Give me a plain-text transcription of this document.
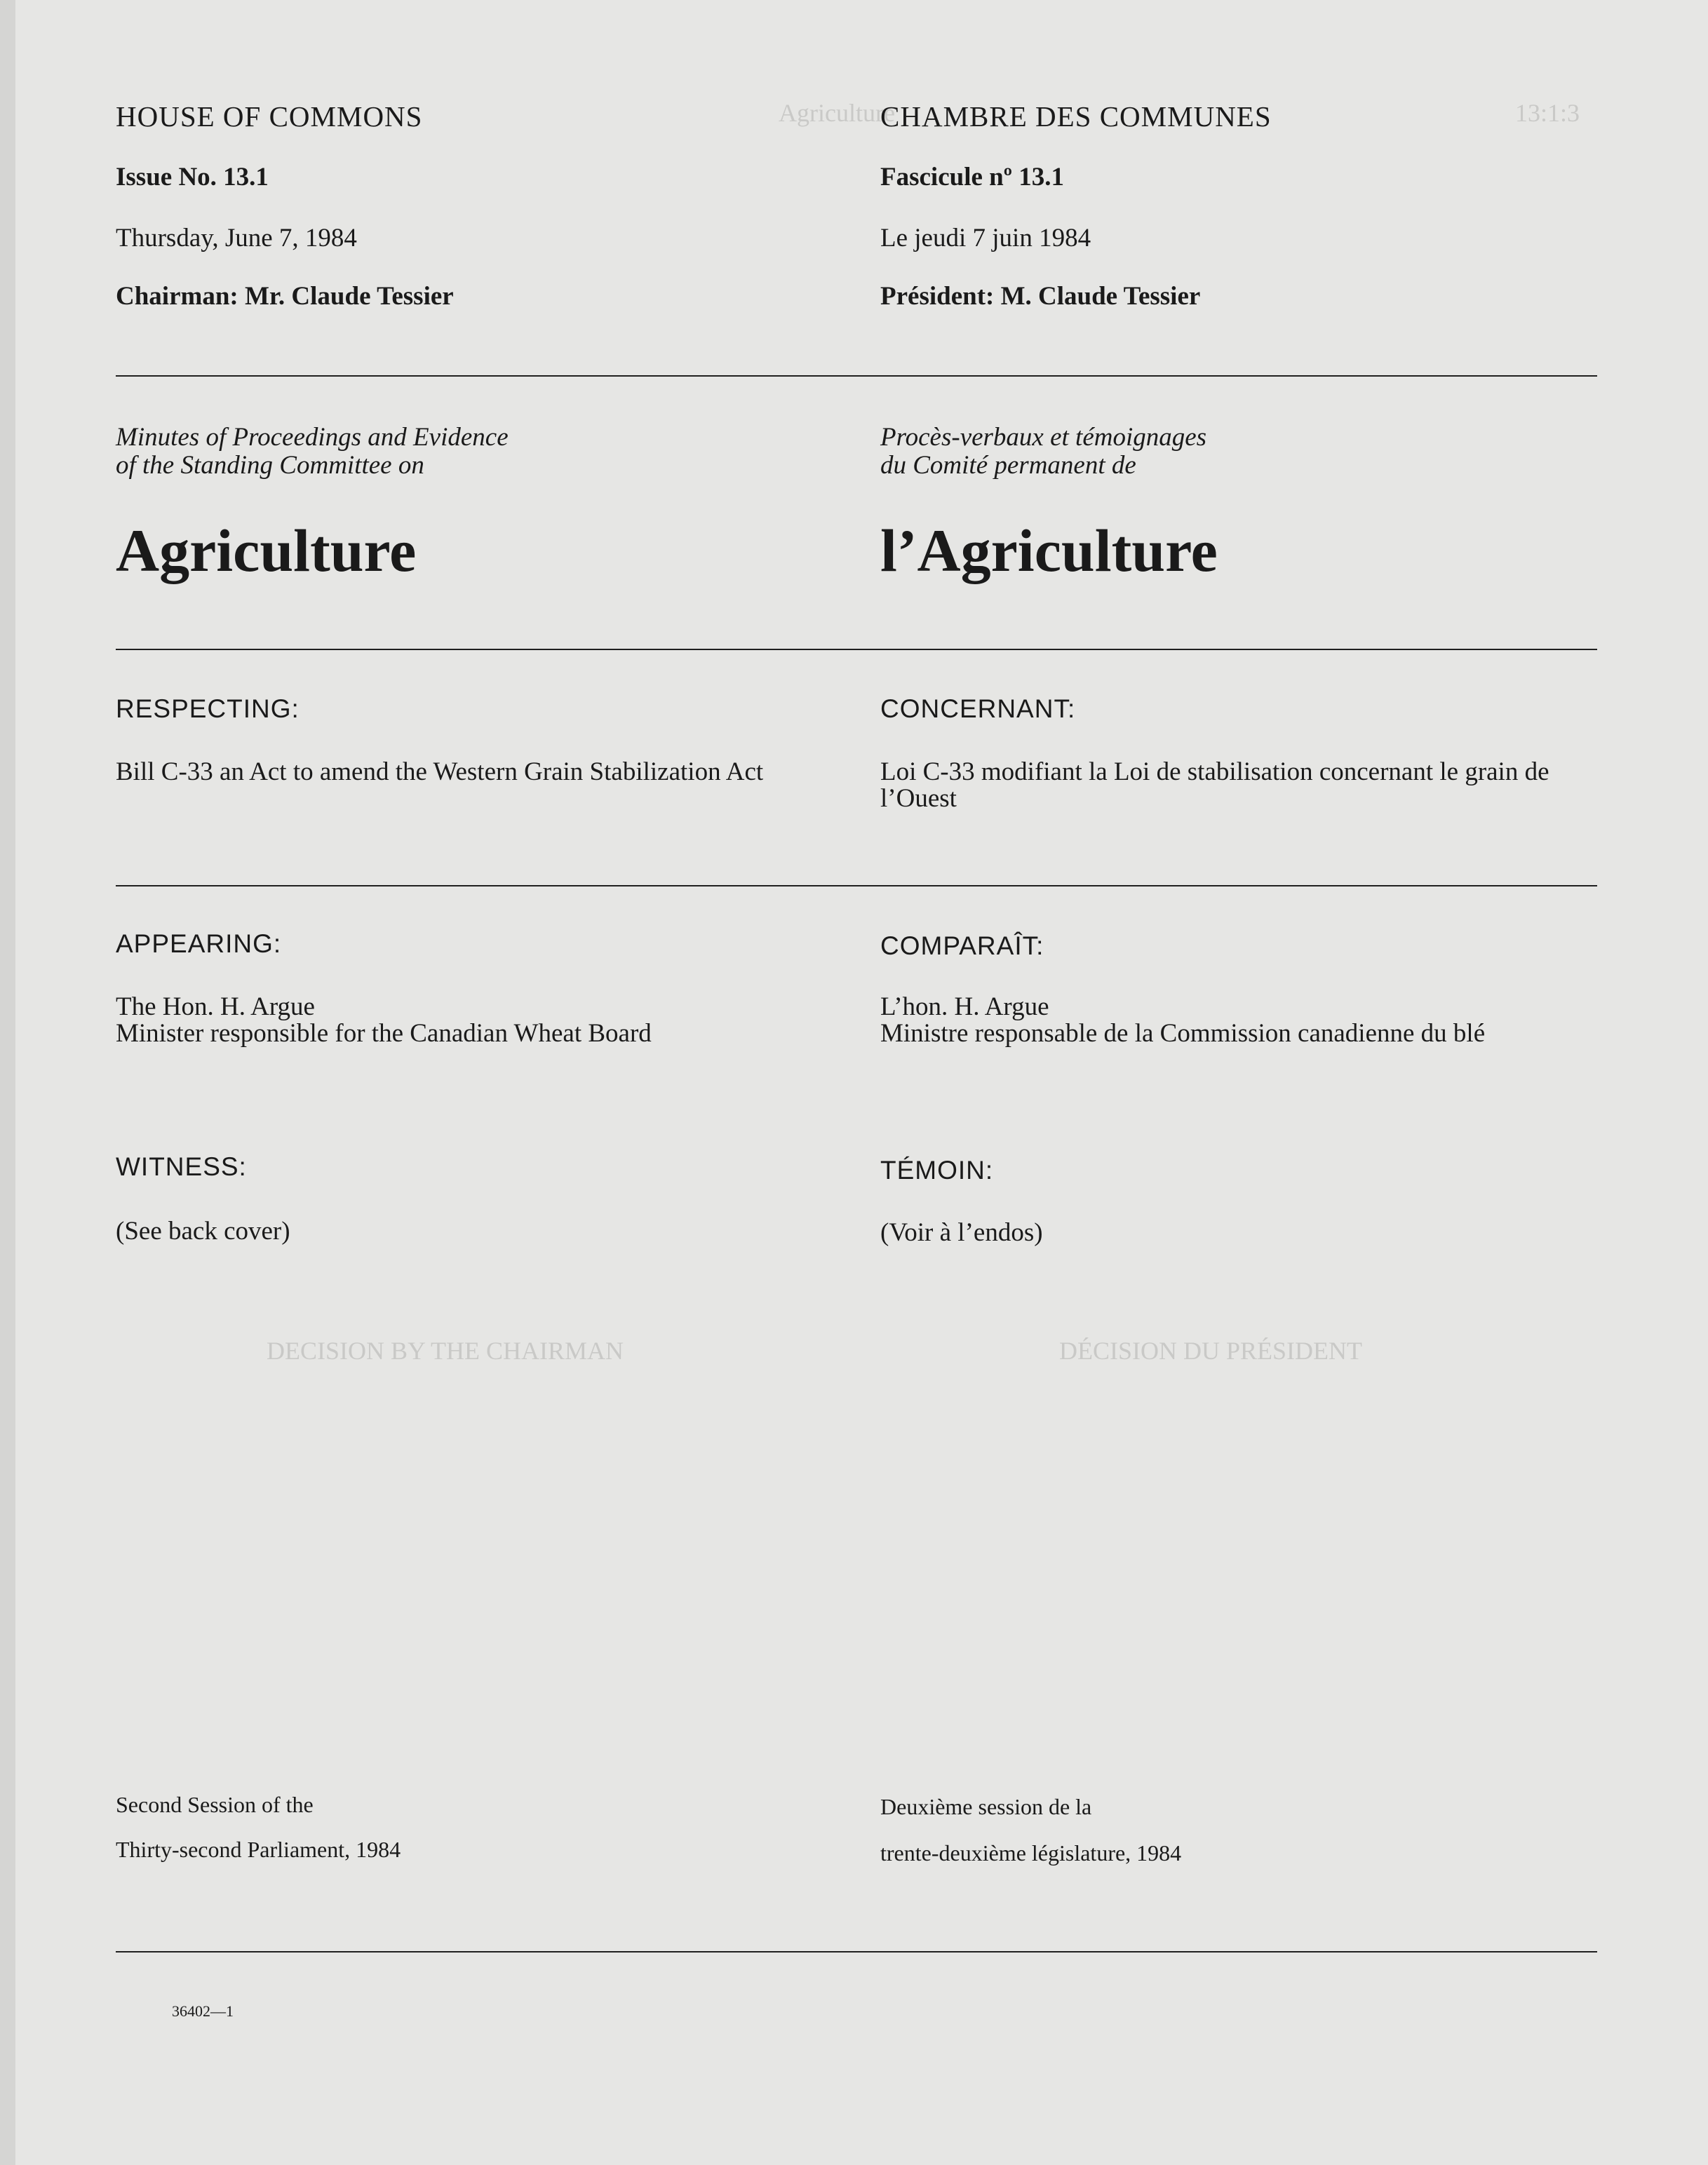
Agriculture	13:1:3
DECISION BY THE CHAIRMAN	DÉCISION DU PRÉSIDENT
HOUSE OF COMMONS
Issue No. 13.1
Thursday, June 7, 1984
Chairman: Mr. Claude Tessier
Minutes of Proceedings and Evidence
of the Standing Committee on
Agriculture
RESPECTING:
Bill C-33 an Act to amend the Western Grain Stabilization Act
APPEARING:
The Hon. H. Argue
Minister responsible for the Canadian Wheat Board
WITNESS:
(See back cover)
Second Session of the
Thirty-second Parliament, 1984
36402—1
CHAMBRE DES COMMUNES
Fascicule nº 13.1
Le jeudi 7 juin 1984
Président: M. Claude Tessier
Procès-verbaux et témoignages
du Comité permanent de
l’Agriculture
CONCERNANT:
Loi C-33 modifiant la Loi de stabilisation concernant le grain de l’Ouest
COMPARAÎT:
L’hon. H. Argue
Ministre responsable de la Commission canadienne du blé
TÉMOIN:
(Voir à l’endos)
Deuxième session de la
trente-deuxième législature, 1984
